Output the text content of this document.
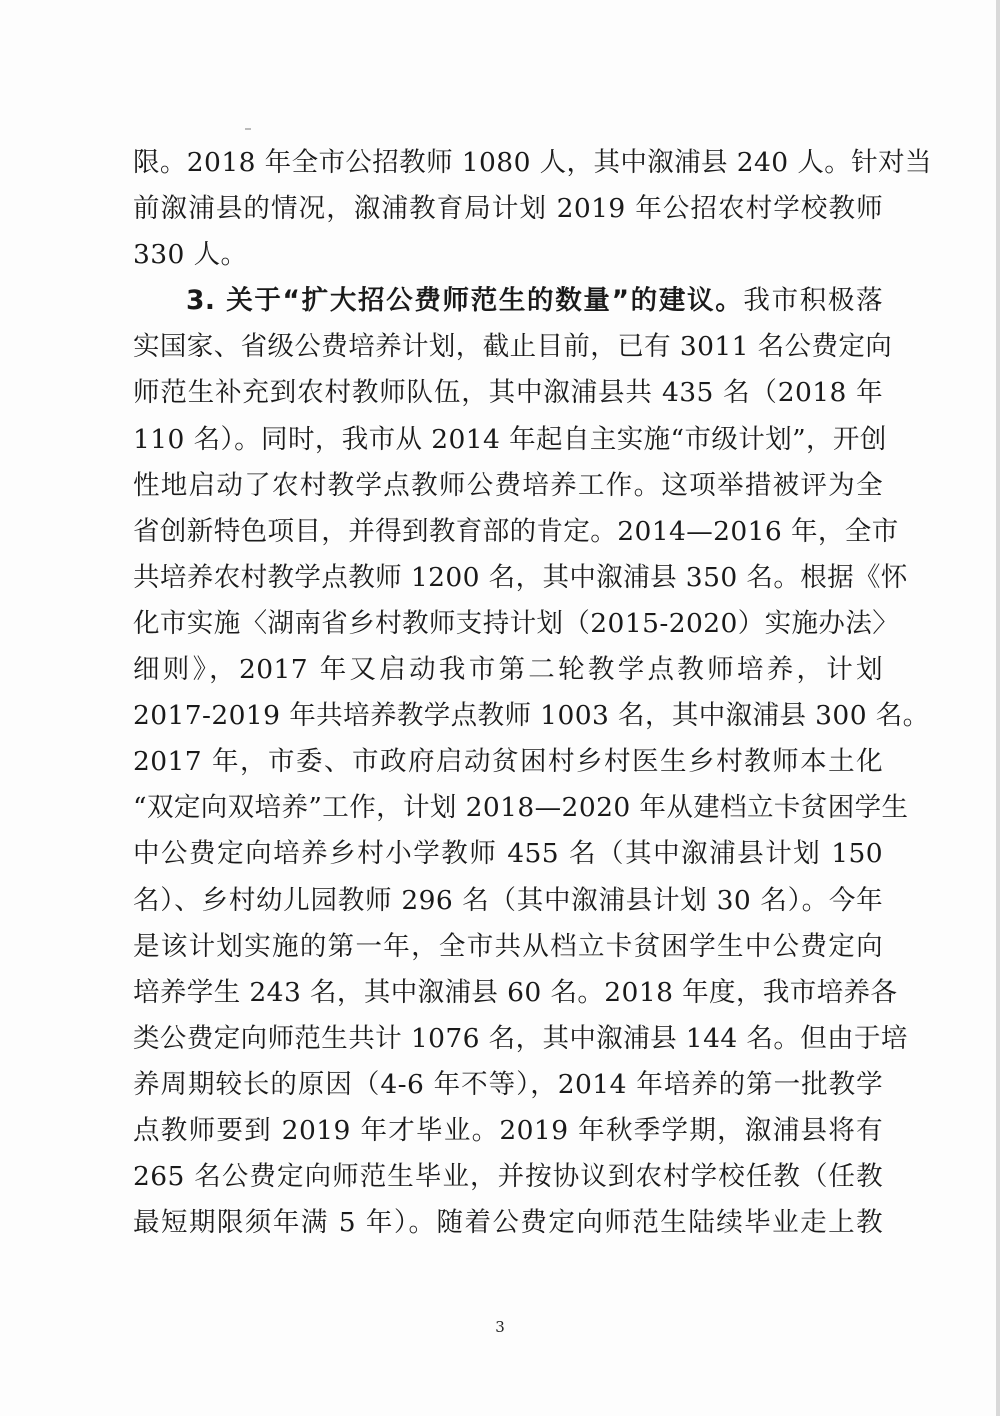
限。2018 年全市公招教师 1080 人，其中溆浦县 240 人。针对当
前溆浦县的情况，溆浦教育局计划 2019 年公招农村学校教师
330 人。
3. 关于“扩大招公费师范生的数量”的建议。我市积极落
实国家、省级公费培养计划，截止目前，已有 3011 名公费定向
师范生补充到农村教师队伍，其中溆浦县共 435 名（2018 年
110 名）。同时，我市从 2014 年起自主实施“市级计划”，开创
性地启动了农村教学点教师公费培养工作。这项举措被评为全
省创新特色项目，并得到教育部的肯定。2014—2016 年，全市
共培养农村教学点教师 1200 名，其中溆浦县 350 名。根据《怀
化市实施〈湖南省乡村教师支持计划（2015-2020）实施办法〉
细则》，2017 年又启动我市第二轮教学点教师培养，计划
2017-2019 年共培养教学点教师 1003 名，其中溆浦县 300 名。
2017 年，市委、市政府启动贫困村乡村医生乡村教师本土化
“双定向双培养”工作，计划 2018—2020 年从建档立卡贫困学生
中公费定向培养乡村小学教师 455 名（其中溆浦县计划 150
名）、乡村幼儿园教师 296 名（其中溆浦县计划 30 名）。今年
是该计划实施的第一年，全市共从档立卡贫困学生中公费定向
培养学生 243 名，其中溆浦县 60 名。2018 年度，我市培养各
类公费定向师范生共计 1076 名，其中溆浦县 144 名。但由于培
养周期较长的原因（4-6 年不等），2014 年培养的第一批教学
点教师要到 2019 年才毕业。2019 年秋季学期，溆浦县将有
265 名公费定向师范生毕业，并按协议到农村学校任教（任教
最短期限须年满 5 年）。随着公费定向师范生陆续毕业走上教
3
